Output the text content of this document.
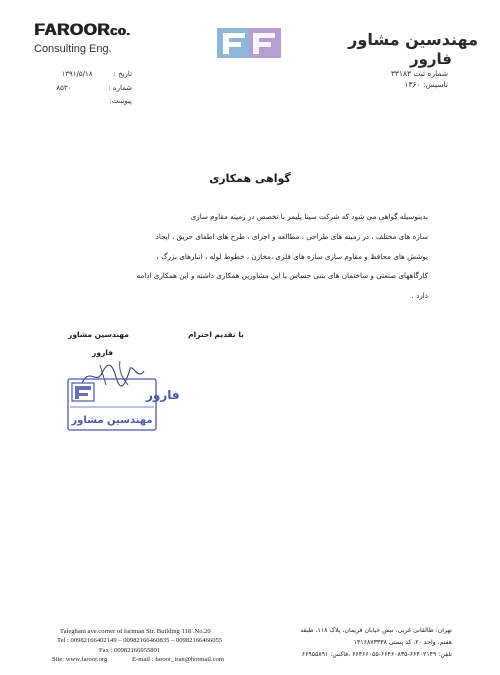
FAROORco.
Consulting Eng.
تاریخ :۱۳۹۱/۵/۱۸
شماره :۸۵۳۰
پیوست:
مهندسین مشاور
فارور
شماره ثبت ۳۳۱۸۳
تاسیس: ۱۳۶۰
گواهی همکاری

بدینوسیله گواهی می شود که شرکت سینا پلیمر با تخصص در زمینه مقاوم سازی

سازه های مختلف ، در زمینه های طراحی ، مطالعه و اجرای ، طرح های اطفای حریق ، ایجاد

پوشش های محافظ و مقاوم سازی سازه های فلزی ،مخازن ، خطوط لوله ، انبارهای بزرگ ،

کارگاههای صنعتی و ساختمان های بتنی حساس با این مشاورین همکاری داشته و این همکاری ادامه

دارد .

با تقدیم احترام
مهندسین مشاور
فارور
فارور
مهندسین مشاور
Taleghani ave.corner of fariman Str. Building 118 .No.20
Tel : 00982166402149 – 00982166460835 – 00982166466055
Fax : 00982166955891
Site: www.faroor.org	E-mail : faroor_iran@hotmail.com
تهران: طالقانی غربی، نبش خیابان فریمان، پلاک ۱۱۸، طبقه
هفتم، واحد ۲۰، کد پستی ۱۴۱۶۸۷۳۳۳۸
تلفن: ۶۶۴۰۲۱۴۹-۶۶۴۶۰۸۳۵-۶۶۴۶۶۰۵۵ ،فاکس: ۶۶۹۵۵۸۹۱
